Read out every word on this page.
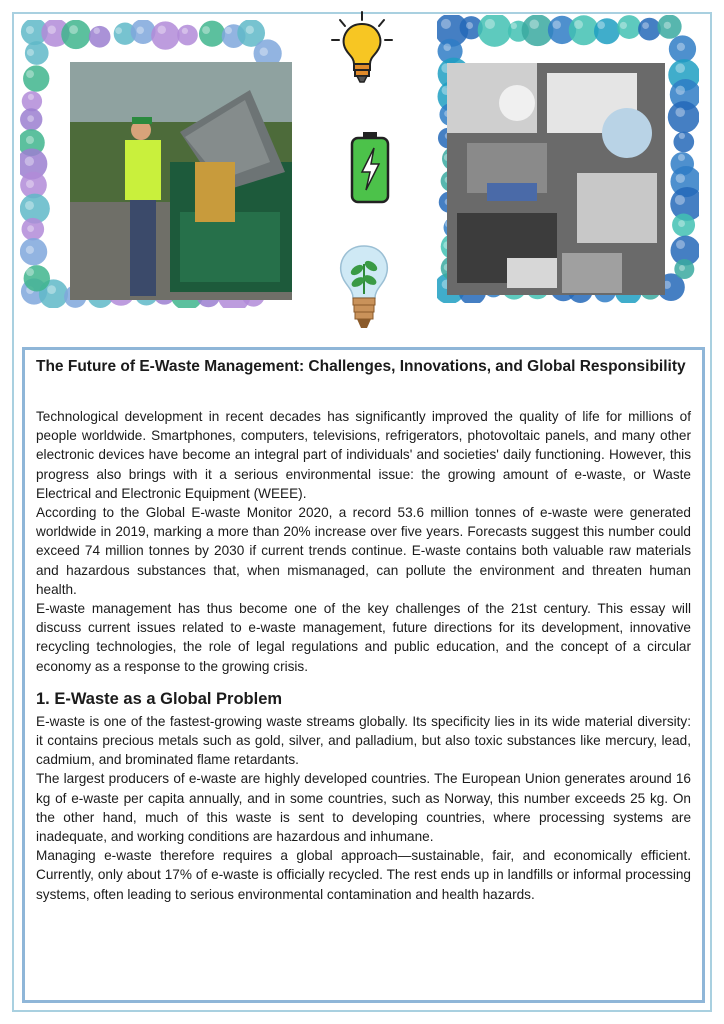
The Future of E-Waste Management: Challenges, Innovations, and Global Responsibility

Technological development in recent decades has significantly improved the quality of life for millions of people worldwide. Smartphones, computers, televisions, refrigerators, photovoltaic panels, and many other electronic devices have become an integral part of individuals' and societies' daily functioning. However, this progress also brings with it a serious environmental issue: the growing amount of e-waste, or Waste Electrical and Electronic Equipment (WEEE).

According to the Global E-waste Monitor 2020, a record 53.6 million tonnes of e-waste were generated worldwide in 2019, marking a more than 20% increase over five years. Forecasts suggest this number could exceed 74 million tonnes by 2030 if current trends continue. E-waste contains both valuable raw materials and hazardous substances that, when mismanaged, can pollute the environment and threaten human health.

E-waste management has thus become one of the key challenges of the 21st century. This essay will discuss current issues related to e-waste management, future directions for its development, innovative recycling technologies, the role of legal regulations and public education, and the concept of a circular economy as a response to the growing crisis.

1. E-Waste as a Global Problem

E-waste is one of the fastest-growing waste streams globally. Its specificity lies in its wide material diversity: it contains precious metals such as gold, silver, and palladium, but also toxic substances like mercury, lead, cadmium, and brominated flame retardants.

The largest producers of e-waste are highly developed countries. The European Union generates around 16 kg of e-waste per capita annually, and in some countries, such as Norway, this number exceeds 25 kg. On the other hand, much of this waste is sent to developing countries, where processing systems are inadequate, and working conditions are hazardous and inhumane.

Managing e-waste therefore requires a global approach—sustainable, fair, and economically efficient. Currently, only about 17% of e-waste is officially recycled. The rest ends up in landfills or informal processing systems, often leading to serious environmental contamination and health hazards.
